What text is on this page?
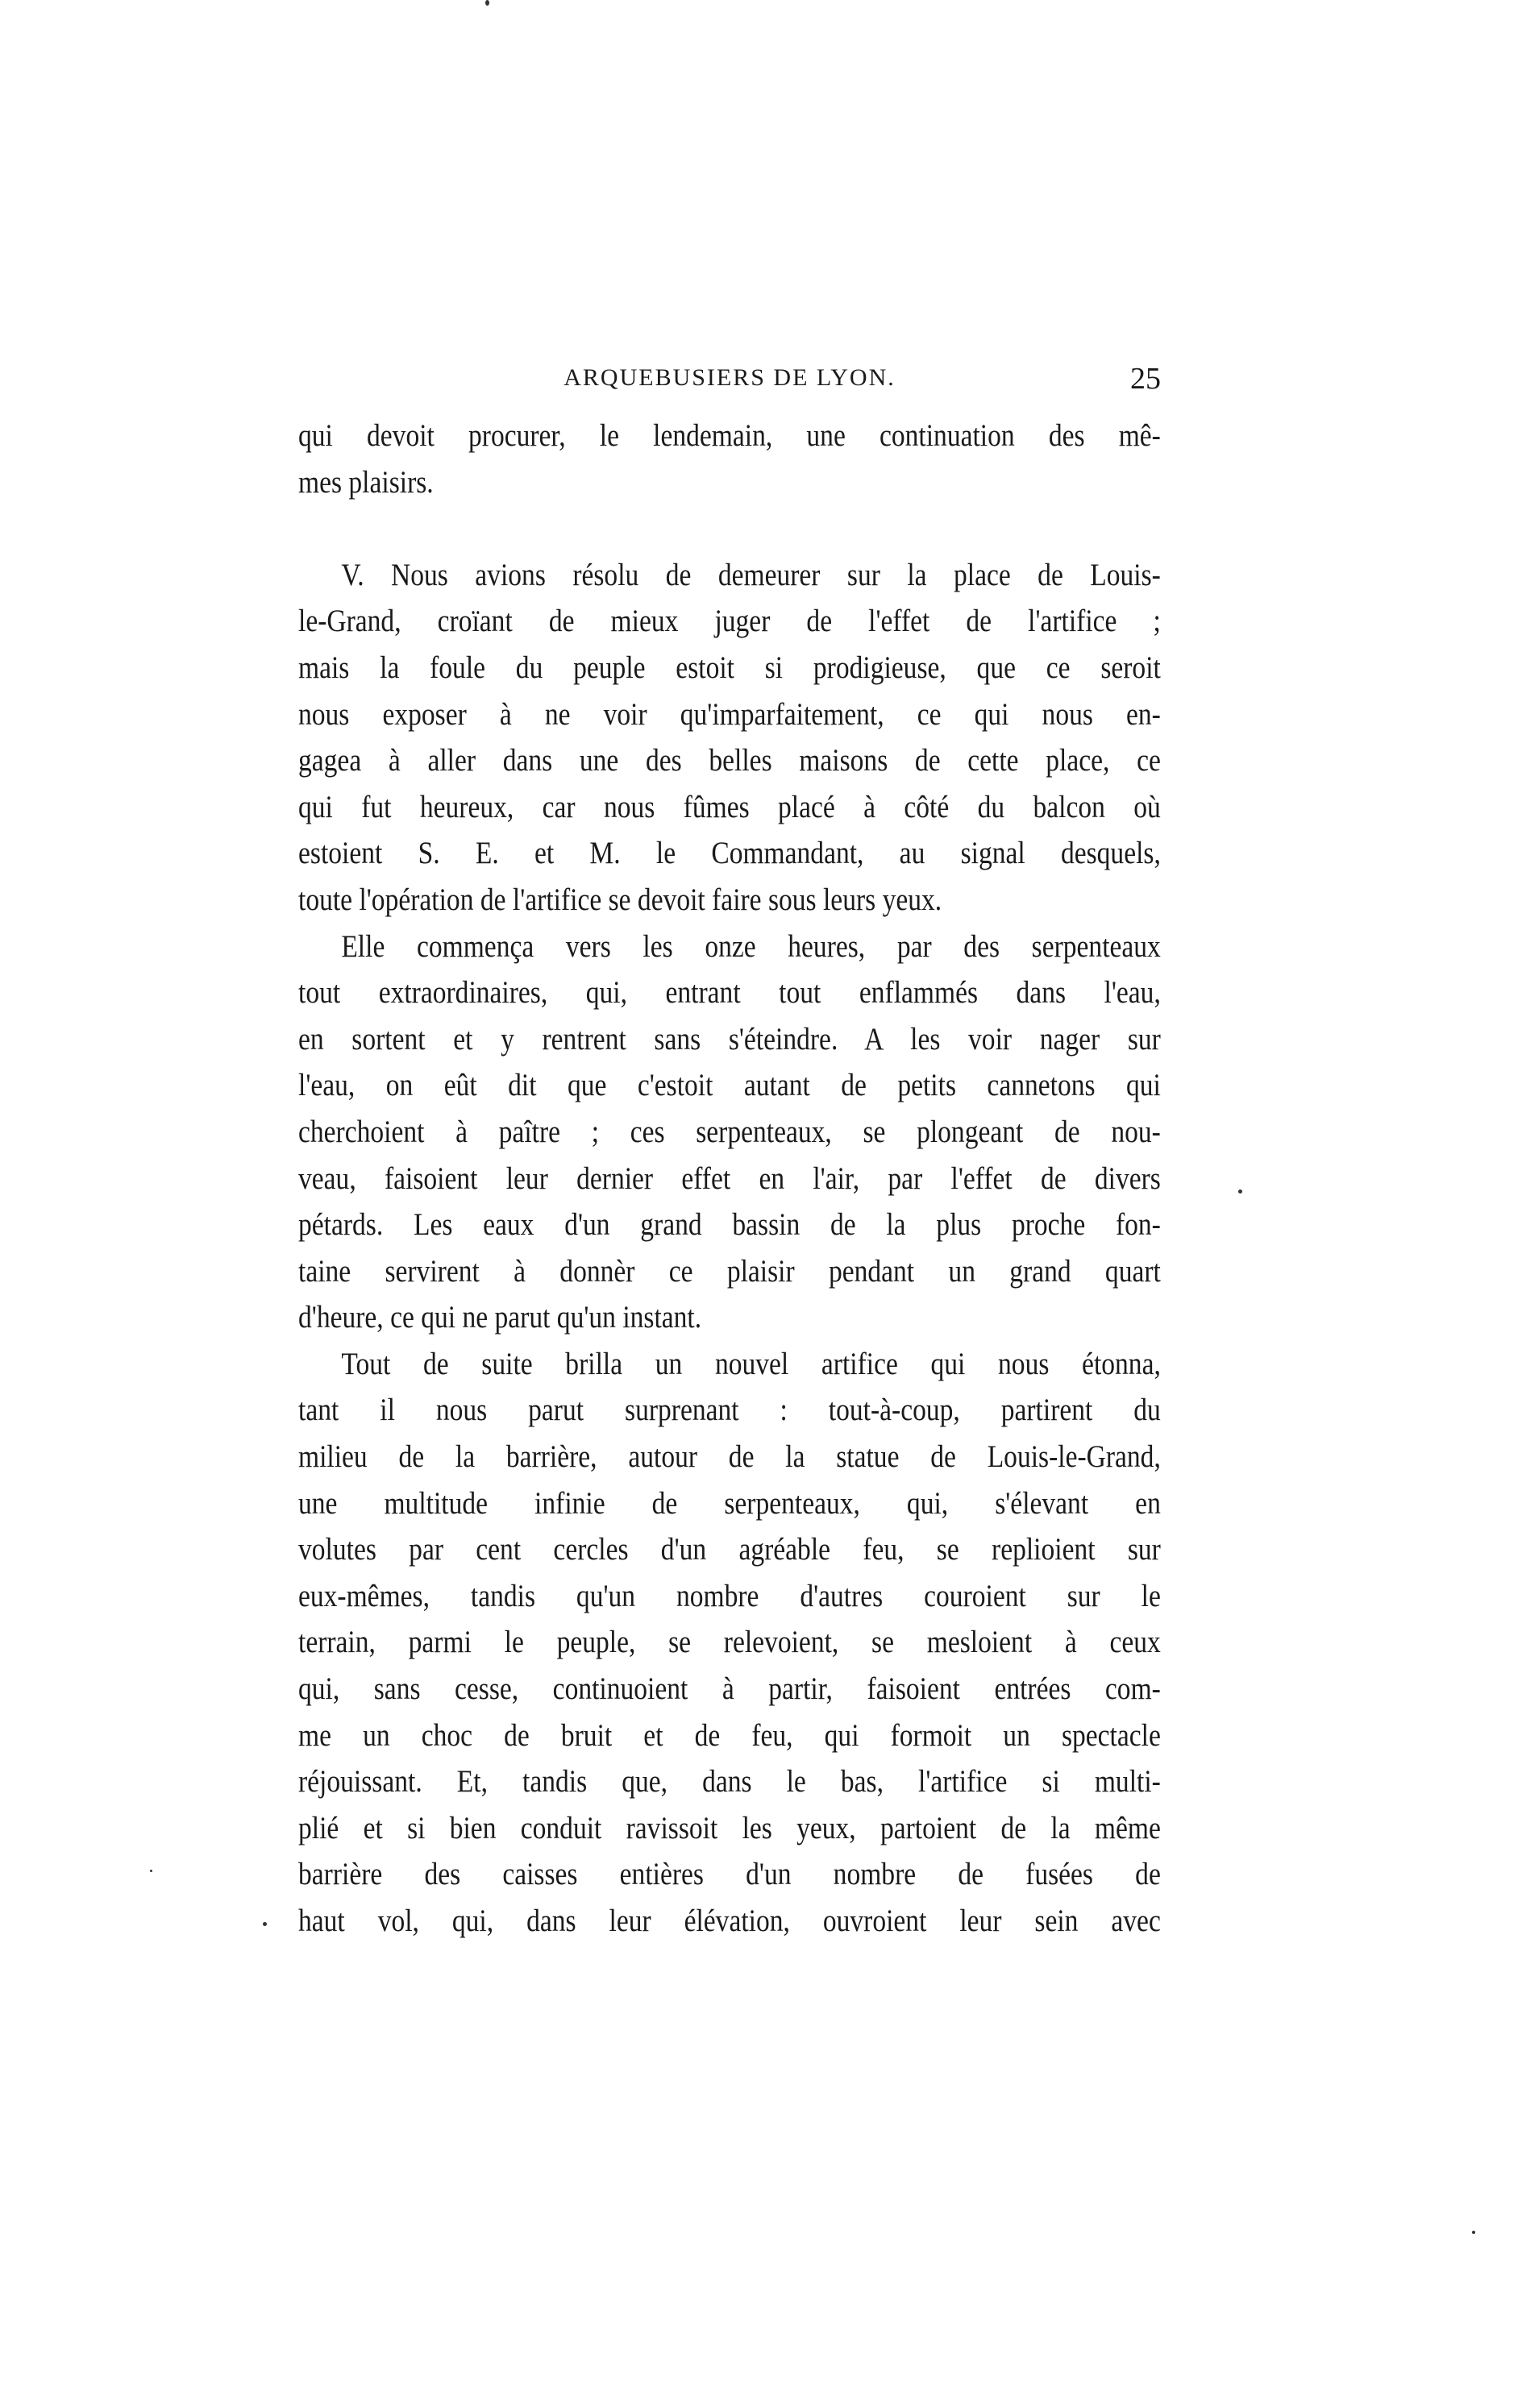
ARQUEBUSIERS DE LYON.	25
qui devoit procurer, le lendemain, une continuation des mê-
mes plaisirs.
V. Nous avions résolu de demeurer sur la place de Louis-
le-Grand, croïant de mieux juger de l'effet de l'artifice ;
mais la foule du peuple estoit si prodigieuse, que ce seroit
nous exposer à ne voir qu'imparfaitement, ce qui nous en-
gagea à aller dans une des belles maisons de cette place, ce
qui fut heureux, car nous fûmes placé à côté du balcon où
estoient S. E. et M. le Commandant, au signal desquels,
toute l'opération de l'artifice se devoit faire sous leurs yeux.
Elle commença vers les onze heures, par des serpenteaux
tout extraordinaires, qui, entrant tout enflammés dans l'eau,
en sortent et y rentrent sans s'éteindre. A les voir nager sur
l'eau, on eût dit que c'estoit autant de petits cannetons qui
cherchoient à paître ; ces serpenteaux, se plongeant de nou-
veau, faisoient leur dernier effet en l'air, par l'effet de divers
pétards. Les eaux d'un grand bassin de la plus proche fon-
taine servirent à donnèr ce plaisir pendant un grand quart
d'heure, ce qui ne parut qu'un instant.
Tout de suite brilla un nouvel artifice qui nous étonna,
tant il nous parut surprenant : tout-à-coup, partirent du
milieu de la barrière, autour de la statue de Louis-le-Grand,
une multitude infinie de serpenteaux, qui, s'élevant en
volutes par cent cercles d'un agréable feu, se replioient sur
eux-mêmes, tandis qu'un nombre d'autres couroient sur le
terrain, parmi le peuple, se relevoient, se mesloient à ceux
qui, sans cesse, continuoient à partir, faisoient entrées com-
me un choc de bruit et de feu, qui formoit un spectacle
réjouissant. Et, tandis que, dans le bas, l'artifice si multi-
plié et si bien conduit ravissoit les yeux, partoient de la même
barrière des caisses entières d'un nombre de fusées de
haut vol, qui, dans leur élévation, ouvroient leur sein avec
